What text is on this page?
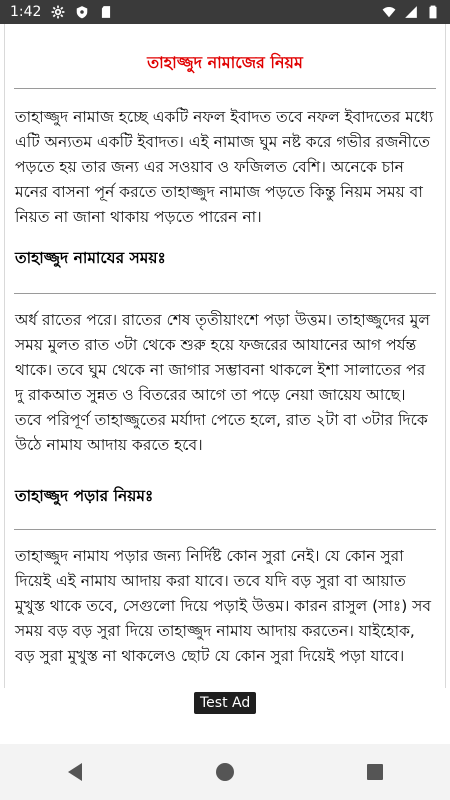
1:42
তাহাজ্জুদ নামাজের নিয়ম
তাহাজ্জুদ নামাজ হচ্ছে একটি নফল ইবাদত তবে নফল ইবাদতের মধ্যে এটি অন্যতম একটি ইবাদত। এই নামাজ ঘুম নষ্ট করে গভীর রজনীতে পড়তে হয় তার জন্য এর সওয়াব ও ফজিলত বেশি। অনেকে চান মনের বাসনা পূর্ন করতে তাহাজ্জুদ নামাজ পড়তে কিন্তু নিয়ম সময় বা নিয়ত না জানা থাকায় পড়তে পারেন না।
তাহাজ্জুদ নামাযের সময়ঃ
অর্ধ রাতের পরে। রাতের শেষ তৃতীয়াংশে পড়া উত্তম। তাহাজ্জুদের মুল সময় মুলত রাত ৩টা থেকে শুরু হয়ে ফজরের আযানের আগ পর্যন্ত থাকে। তবে ঘুম থেকে না জাগার সম্ভাবনা থাকলে ইশা সালাতের পর দু রাকআত সুন্নত ও বিতরের আগে তা পড়ে নেয়া জায়েয আছে। তবে পরিপূর্ণ তাহাজ্জুতের মর্যাদা পেতে হলে, রাত ২টা বা ৩টার দিকে উঠে নামায আদায় করতে হবে।
তাহাজ্জুদ পড়ার নিয়মঃ
তাহাজ্জুদ নামায পড়ার জন্য নির্দিষ্ট কোন সুরা নেই। যে কোন সুরা দিয়েই এই নামায আদায় করা যাবে। তবে যদি বড় সুরা বা আয়াত মুখুস্ত থাকে তবে, সেগুলো দিয়ে পড়াই উত্তম। কারন রাসুল (সাঃ) সব সময় বড় বড় সুরা দিয়ে তাহাজ্জুদ নামায আদায় করতেন। যাইহোক, বড় সুরা মুখুস্ত না থাকলেও ছোট যে কোন সুরা দিয়েই পড়া যাবে।
Test Ad
